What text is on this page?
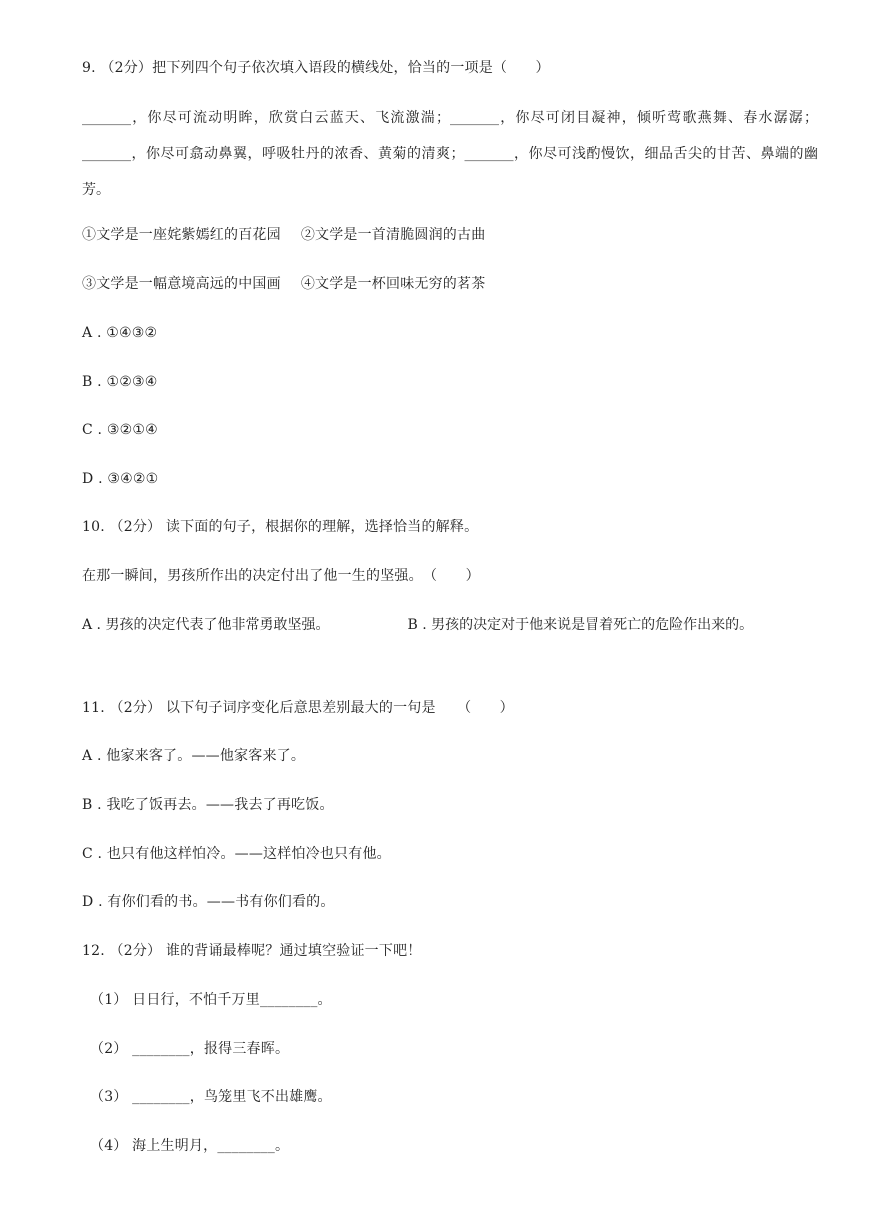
9. （2分）把下列四个句子依次填入语段的横线处，恰当的一项是（　　）
_______，你尽可流动明眸，欣赏白云蓝天、飞流激湍；_______，你尽可闭目凝神，倾听莺歌燕舞、春水潺潺；_______，你尽可翕动鼻翼，呼吸牡丹的浓香、黄菊的清爽；_______，你尽可浅酌慢饮，细品舌尖的甘苦、鼻端的幽芳。
①文学是一座姹紫嫣红的百花园 ②文学是一首清脆圆润的古曲
③文学是一幅意境高远的中国画 ④文学是一杯回味无穷的茗茶
A . ①④③②
B . ①②③④
C . ③②①④
D . ③④②①
10. （2分） 读下面的句子，根据你的理解，选择恰当的解释。
在那一瞬间，男孩所作出的决定付出了他一生的坚强。　（　　）
A . 男孩的决定代表了他非常勇敢坚强。	B . 男孩的决定对于他来说是冒着死亡的危险作出来的。
11. （2分） 以下句子词序变化后意思差别最大的一句是　　（　　）
A . 他家来客了。——他家客来了。
B . 我吃了饭再去。——我去了再吃饭。
C . 也只有他这样怕冷。——这样怕冷也只有他。
D . 有你们看的书。——书有你们看的。
12. （2分） 谁的背诵最棒呢？通过填空验证一下吧！
（1） 日日行，不怕千万里________。
（2） ________，报得三春晖。
（3） ________，鸟笼里飞不出雄鹰。
（4） 海上生明月，________。
